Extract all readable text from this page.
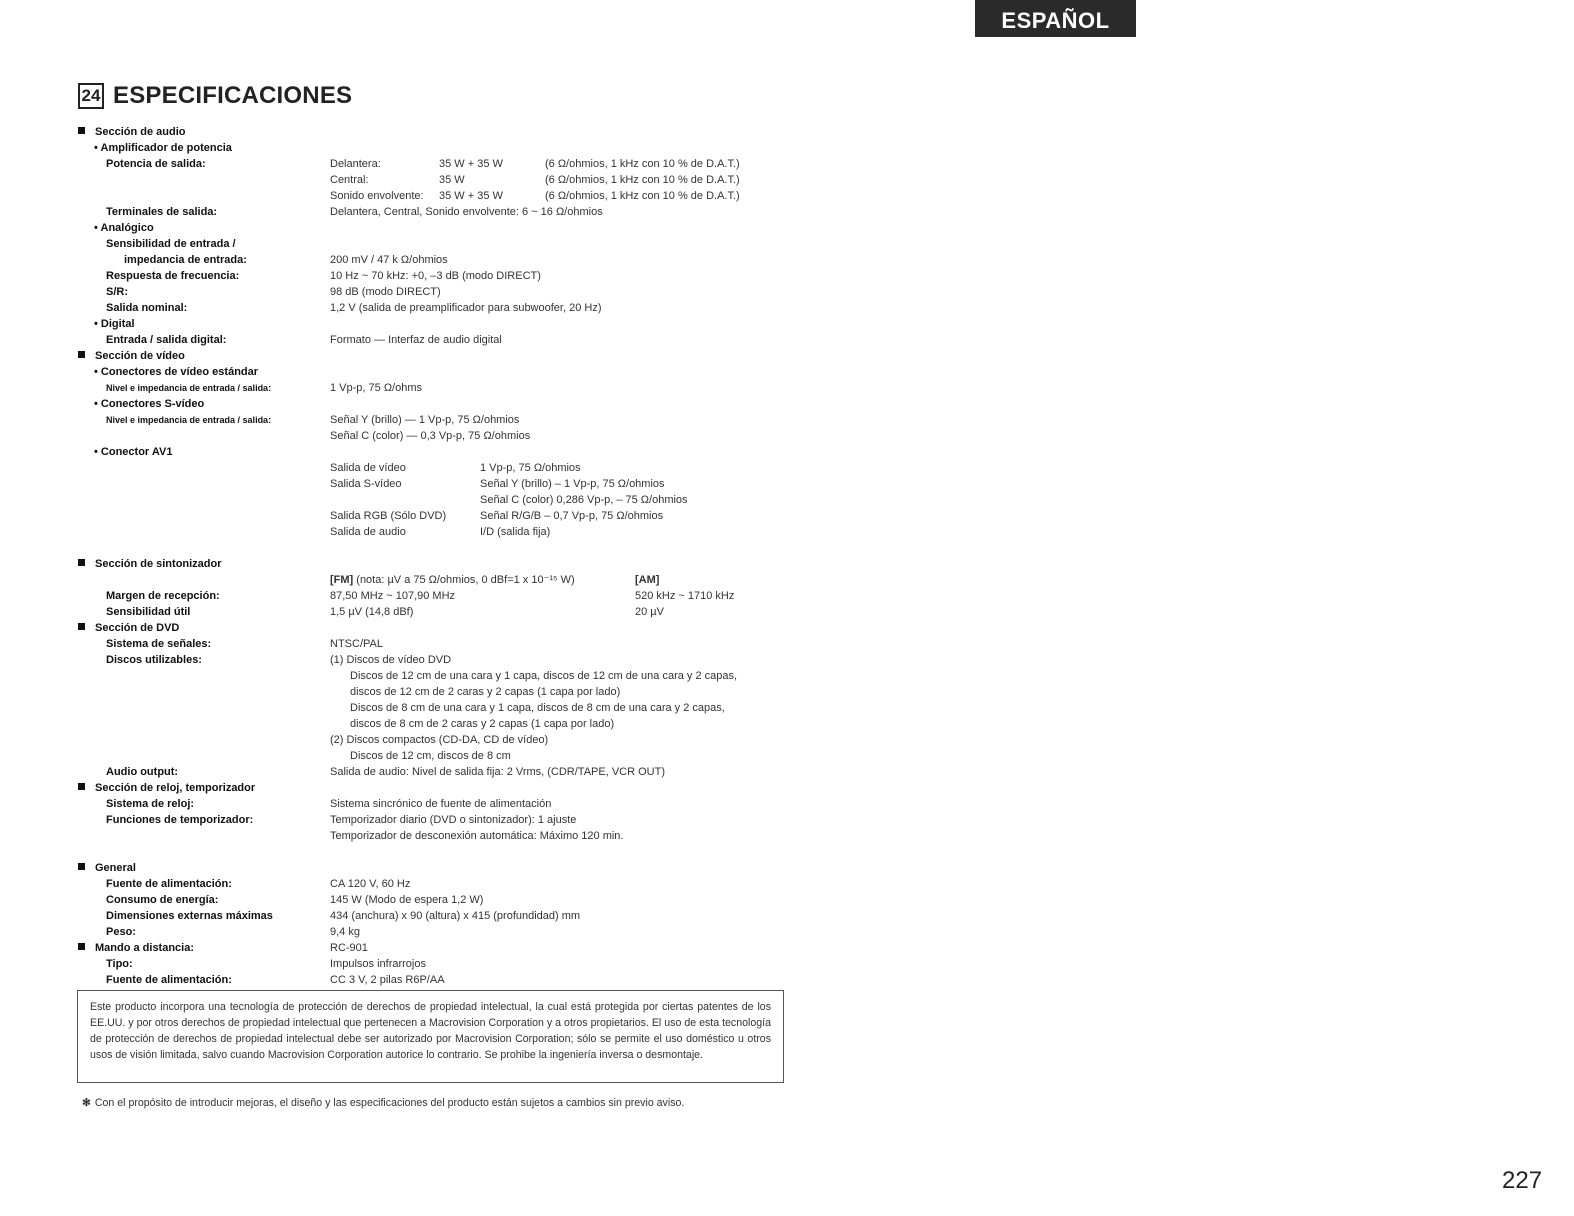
ESPAÑOL
24 ESPECIFICACIONES
Sección de audio
• Amplificador de potencia
Potencia de salida:	Delantera:	35 W + 35 W	(6 Ω/ohmios, 1 kHz con 10 % de D.A.T.)
Central:	35 W	(6 Ω/ohmios, 1 kHz con 10 % de D.A.T.)
Sonido envolvente: 35 W + 35 W	(6 Ω/ohmios, 1 kHz con 10 % de D.A.T.)
Terminales de salida:	Delantera, Central, Sonido envolvente: 6 ~ 16 Ω/ohmios
• Analógico
Sensibilidad de entrada /
impedancia de entrada:	200 mV / 47 k Ω/ohmios
Respuesta de frecuencia:	10 Hz ~ 70 kHz: +0, –3 dB (modo DIRECT)
S/R:	98 dB (modo DIRECT)
Salida nominal:	1,2 V (salida de preamplificador para subwoofer, 20 Hz)
• Digital
Entrada / salida digital:	Formato — Interfaz de audio digital
Sección de vídeo
• Conectores de vídeo estándar
Nivel e impedancia de entrada / salida:	1 Vp-p, 75 Ω/ohms
• Conectores S-vídeo
Nivel e impedancia de entrada / salida:	Señal Y (brillo) — 1 Vp-p, 75 Ω/ohmios
Señal C (color) — 0,3 Vp-p, 75 Ω/ohmios
• Conector AV1
Salida de vídeo	1 Vp-p, 75 Ω/ohmios
Salida S-vídeo	Señal Y (brillo) – 1 Vp-p, 75 Ω/ohmios
Señal C (color) 0,286 Vp-p, – 75 Ω/ohmios
Salida RGB (Sólo DVD)	Señal R/G/B – 0,7 Vp-p, 75 Ω/ohmios
Salida de audio	I/D (salida fija)
Sección de sintonizador
[FM] (nota: µV a 75 Ω/ohmios, 0 dBf=1 x 10⁻¹⁵ W)	[AM]
Margen de recepción:	87,50 MHz ~ 107,90 MHz	520 kHz ~ 1710 kHz
Sensibilidad útil	1,5 µV (14,8 dBf)	20 µV
Sección de DVD
Sistema de señales:	NTSC/PAL
Discos utilizables:	(1) Discos de vídeo DVD
Discos de 12 cm de una cara y 1 capa, discos de 12 cm de una cara y 2 capas,
discos de 12 cm de 2 caras y 2 capas (1 capa por lado)
Discos de 8 cm de una cara y 1 capa, discos de 8 cm de una cara y 2 capas,
discos de 8 cm de 2 caras y 2 capas (1 capa por lado)
(2) Discos compactos (CD-DA, CD de vídeo)
Discos de 12 cm, discos de 8 cm
Audio output:	Salida de audio: Nivel de salida fija: 2 Vrms, (CDR/TAPE, VCR OUT)
Sección de reloj, temporizador
Sistema de reloj:	Sistema sincrónico de fuente de alimentación
Funciones de temporizador:	Temporizador diario (DVD o sintonizador): 1 ajuste
Temporizador de desconexión automática: Máximo 120 min.
General
Fuente de alimentación:	CA 120 V, 60 Hz
Consumo de energía:	145 W (Modo de espera 1,2 W)
Dimensiones externas máximas	434 (anchura) x 90 (altura) x 415 (profundidad) mm
Peso:	9,4 kg
Mando a distancia:	RC-901
Tipo:	Impulsos infrarrojos
Fuente de alimentación:	CC 3 V, 2 pilas R6P/AA
Este producto incorpora una tecnología de protección de derechos de propiedad intelectual, la cual está protegida por ciertas patentes de los EE.UU. y por otros derechos de propiedad intelectual que pertenecen a Macrovision Corporation y a otros propietarios. El uso de esta tecnología de protección de derechos de propiedad intelectual debe ser autorizado por Macrovision Corporation; sólo se permite el uso doméstico u otros usos de visión limitada, salvo cuando Macrovision Corporation autorice lo contrario. Se prohibe la ingeniería inversa o desmontaje.
✻ Con el propósito de introducir mejoras, el diseño y las especificaciones del producto están sujetos a cambios sin previo aviso.
227
